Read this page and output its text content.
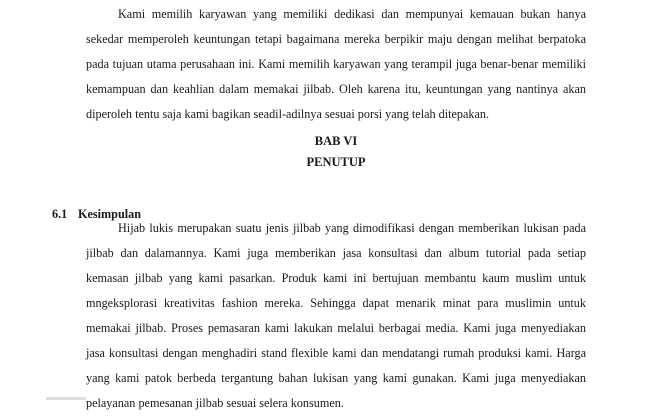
Kami memilih karyawan yang memiliki dedikasi dan mempunyai kemauan bukan hanya sekedar memperoleh keuntungan tetapi bagaimana mereka berpikir maju dengan melihat berpatoka pada tujuan utama perusahaan ini. Kami memilih karyawan yang terampil juga benar-benar memiliki kemampuan dan keahlian dalam memakai jilbab. Oleh karena itu, keuntungan yang nantinya akan diperoleh tentu saja kami bagikan seadil-adilnya sesuai porsi yang telah ditepakan.

BAB VI
PENUTUP
6.1 Kesimpulan

Hijab lukis merupakan suatu jenis jilbab yang dimodifikasi dengan memberikan lukisan pada jilbab dan dalamannya. Kami juga memberikan jasa konsultasi dan album tutorial pada setiap kemasan jilbab yang kami pasarkan. Produk kami ini bertujuan membantu kaum muslim untuk mngeksplorasi kreativitas fashion mereka. Sehingga dapat menarik minat para muslimin untuk memakai jilbab. Proses pemasaran kami lakukan melalui berbagai media. Kami juga menyediakan jasa konsultasi dengan menghadiri stand flexible kami dan mendatangi rumah produksi kami. Harga yang kami patok berbeda tergantung bahan lukisan yang kami gunakan. Kami juga menyediakan pelayanan pemesanan jilbab sesuai selera konsumen.
